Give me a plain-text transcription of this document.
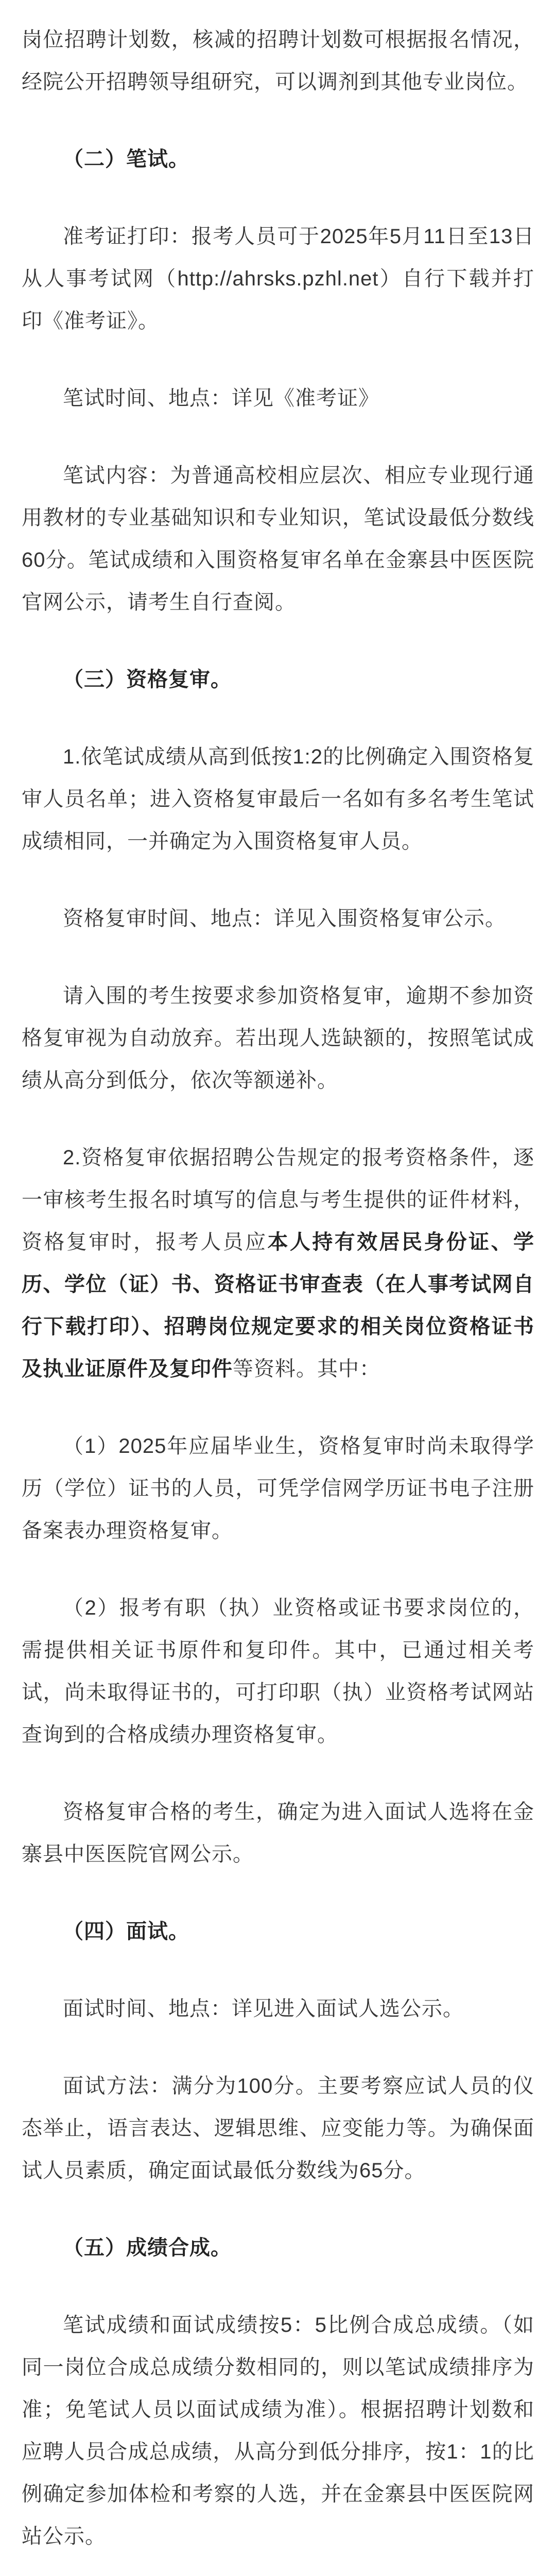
岗位招聘计划数，核减的招聘计划数可根据报名情况，经院公开招聘领导组研究，可以调剂到其他专业岗位。
（二）笔试。
准考证打印：报考人员可于2025年5月11日至13日从人事考试网（http://ahrsks.pzhl.net）自行下载并打印《准考证》。
笔试时间、地点：详见《准考证》
笔试内容：为普通高校相应层次、相应专业现行通用教材的专业基础知识和专业知识，笔试设最低分数线60分。笔试成绩和入围资格复审名单在金寨县中医医院官网公示，请考生自行查阅。
（三）资格复审。
1.依笔试成绩从高到低按1:2的比例确定入围资格复审人员名单；进入资格复审最后一名如有多名考生笔试成绩相同，一并确定为入围资格复审人员。
资格复审时间、地点：详见入围资格复审公示。
请入围的考生按要求参加资格复审，逾期不参加资格复审视为自动放弃。若出现人选缺额的，按照笔试成绩从高分到低分，依次等额递补。
2.资格复审依据招聘公告规定的报考资格条件，逐一审核考生报名时填写的信息与考生提供的证件材料，资格复审时，报考人员应本人持有效居民身份证、学历、学位（证）书、资格证书审查表（在人事考试网自行下载打印）、招聘岗位规定要求的相关岗位资格证书及执业证原件及复印件等资料。其中：
（1）2025年应届毕业生，资格复审时尚未取得学历（学位）证书的人员，可凭学信网学历证书电子注册备案表办理资格复审。
（2）报考有职（执）业资格或证书要求岗位的，需提供相关证书原件和复印件。其中，已通过相关考试，尚未取得证书的，可打印职（执）业资格考试网站查询到的合格成绩办理资格复审。
资格复审合格的考生，确定为进入面试人选将在金寨县中医医院官网公示。
（四）面试。
面试时间、地点：详见进入面试人选公示。
面试方法：满分为100分。主要考察应试人员的仪态举止，语言表达、逻辑思维、应变能力等。为确保面试人员素质，确定面试最低分数线为65分。
（五）成绩合成。
笔试成绩和面试成绩按5：5比例合成总成绩。（如同一岗位合成总成绩分数相同的，则以笔试成绩排序为准；免笔试人员以面试成绩为准）。根据招聘计划数和应聘人员合成总成绩，从高分到低分排序，按1：1的比例确定参加体检和考察的人选，并在金寨县中医医院网站公示。
